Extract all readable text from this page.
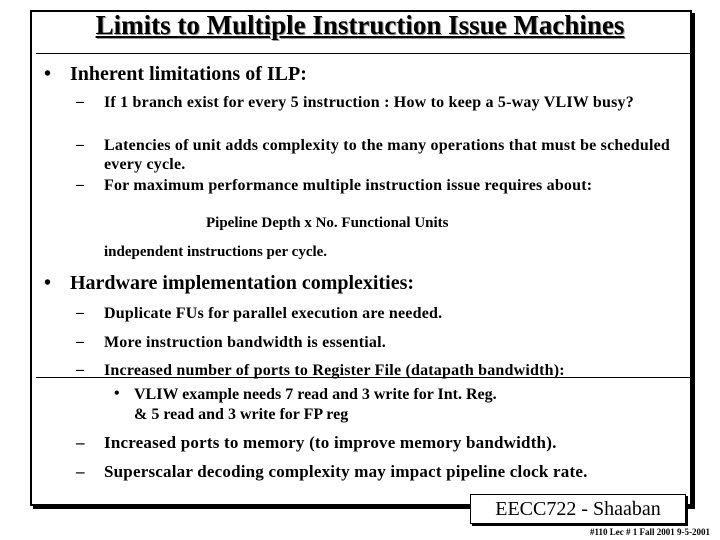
Limits to Multiple Instruction Issue Machines
• Inherent limitations of ILP:
– If 1 branch exist for every 5 instruction : How to keep a 5-way VLIW busy?
– Latencies of unit adds complexity to the many operations that must be scheduled every cycle.
– For maximum performance multiple instruction issue requires about:
Pipeline Depth x No. Functional Units
independent instructions per cycle.
• Hardware implementation complexities:
– Duplicate FUs for parallel execution are needed.
– More instruction bandwidth is essential.
– Increased number of ports to Register File (datapath bandwidth):
• VLIW example needs 7 read and 3 write for Int. Reg.
& 5 read and 3 write for FP reg
– Increased ports to memory (to improve memory bandwidth).
– Superscalar decoding complexity may impact pipeline clock rate.
EECC722 - Shaaban
#110 Lec # 1 Fall 2001 9-5-2001
